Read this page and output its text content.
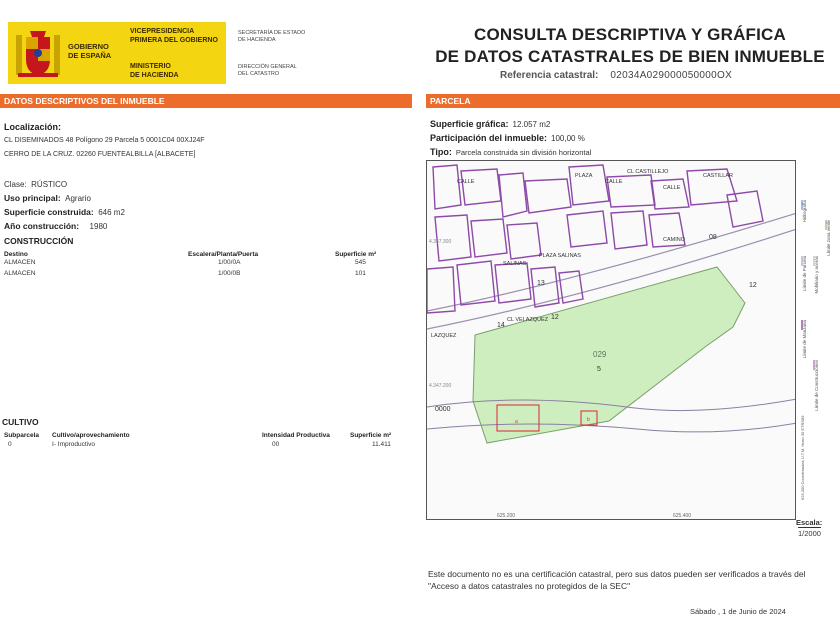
GOBIERNO
DE ESPAÑA
VICEPRESIDENCIA
PRIMERA DEL GOBIERNO
MINISTERIO
DE HACIENDA
SECRETARÍA DE ESTADO
DE HACIENDA
DIRECCIÓN GENERAL
DEL CATASTRO
CONSULTA DESCRIPTIVA Y GRÁFICA
DE DATOS CATASTRALES DE BIEN INMUEBLE
Referencia catastral: 02034A029000050000OX
DATOS DESCRIPTIVOS DEL INMUEBLE	PARCELA
Localización:
CL DISEMINADOS 48 Polígono 29 Parcela 5 0001C04 00XJ24F
CERRO DE LA CRUZ. 02260 FUENTEALBILLA [ALBACETE]
Clase: RÚSTICO
Uso principal: Agrario
Superficie construida: 646 m2
Año construcción: 1980
CONSTRUCCIÓN
Destino	Escalera/Planta/Puerta	Superficie m²
ALMACEN	1/00/0A	545
ALMACEN	1/00/0B	101
CULTIVO
Subparcela Cultivo/aprovechamiento	Intensidad Productiva	Superficie m²
0	I- Improductivo	00	11.411
Superficie gráfica: 12.057 m2
Participación del inmueble: 100,00 %
Tipo: Parcela construida sin división horizontal
CALLE
PLAZA
CALLE
CL CASTILLEJO
CALLE
CASTILLAR
CAMINO
PLAZA SALINAS
SALINAS
CL VELAZQUEZ
LAZQUEZ
08
12
12
13
14
029
5
0000
a	b
4.347.300
4.347.200
625.200	625.400
Límite de Manzana
Límite de Parcela
Límite de Construcciones
Mobiliario y aceras
Límite zona verde
Hidrografía
625,300 Coordenadas U.T.M. Huso 30 ETRS89
Escala:
1/2000
Este documento no es una certificación catastral, pero sus datos pueden ser verificados a través del "Acceso a datos catastrales no protegidos de la SEC"
Sábado , 1 de Junio de 2024
